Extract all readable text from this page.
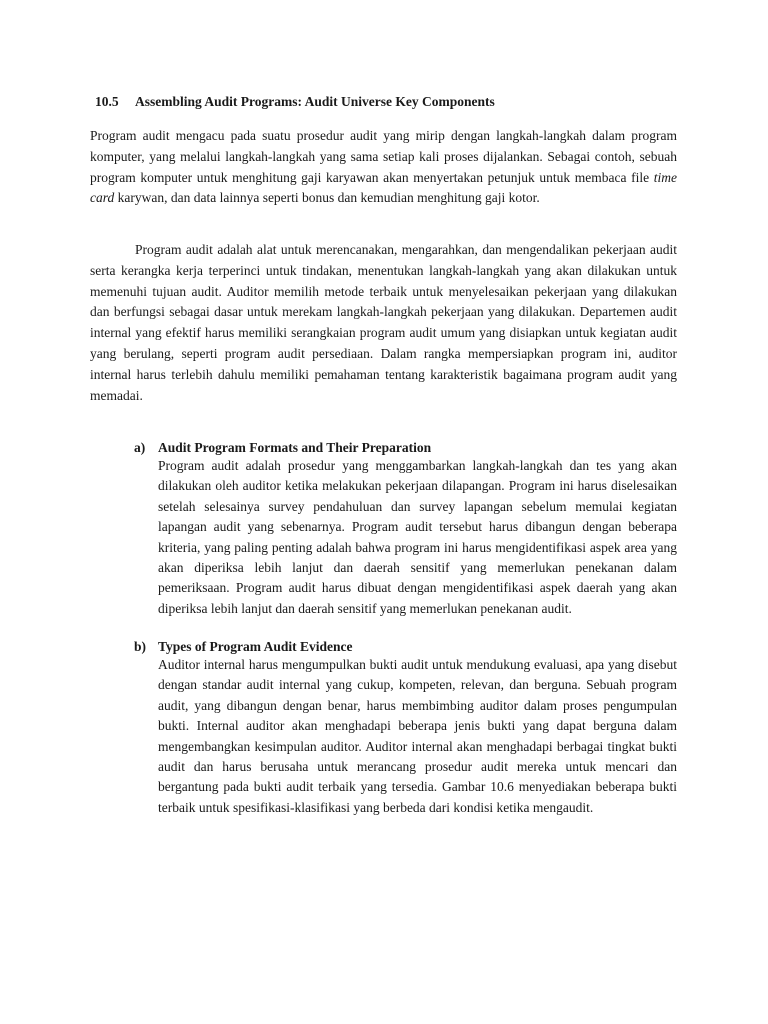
10.5 Assembling Audit Programs: Audit Universe Key Components

Program audit mengacu pada suatu prosedur audit yang mirip dengan langkah-langkah dalam program komputer, yang melalui langkah-langkah yang sama setiap kali proses dijalankan. Sebagai contoh, sebuah program komputer untuk menghitung gaji karyawan akan menyertakan petunjuk untuk membaca file time card karywan, dan data lainnya seperti bonus dan kemudian menghitung gaji kotor.

Program audit adalah alat untuk merencanakan, mengarahkan, dan mengendalikan pekerjaan audit serta kerangka kerja terperinci untuk tindakan, menentukan langkah-langkah yang akan dilakukan untuk memenuhi tujuan audit. Auditor memilih metode terbaik untuk menyelesaikan pekerjaan yang dilakukan dan berfungsi sebagai dasar untuk merekam langkah-langkah pekerjaan yang dilakukan. Departemen audit internal yang efektif harus memiliki serangkaian program audit umum yang disiapkan untuk kegiatan audit yang berulang, seperti program audit persediaan. Dalam rangka mempersiapkan program ini, auditor internal harus terlebih dahulu memiliki pemahaman tentang karakteristik bagaimana program audit yang memadai.

a) Audit Program Formats and Their Preparation

Program audit adalah prosedur yang menggambarkan langkah-langkah dan tes yang akan dilakukan oleh auditor ketika melakukan pekerjaan dilapangan. Program ini harus diselesaikan setelah selesainya survey pendahuluan dan survey lapangan sebelum memulai kegiatan lapangan audit yang sebenarnya. Program audit tersebut harus dibangun dengan beberapa kriteria, yang paling penting adalah bahwa program ini harus mengidentifikasi aspek area yang akan diperiksa lebih lanjut dan daerah sensitif yang memerlukan penekanan dalam pemeriksaan. Program audit harus dibuat dengan mengidentifikasi aspek daerah yang akan diperiksa lebih lanjut dan daerah sensitif yang memerlukan penekanan audit.

b) Types of Program Audit Evidence

Auditor internal harus mengumpulkan bukti audit untuk mendukung evaluasi, apa yang disebut dengan standar audit internal yang cukup, kompeten, relevan, dan berguna. Sebuah program audit, yang dibangun dengan benar, harus membimbing auditor dalam proses pengumpulan bukti. Internal auditor akan menghadapi beberapa jenis bukti yang dapat berguna dalam mengembangkan kesimpulan auditor. Auditor internal akan menghadapi berbagai tingkat bukti audit dan harus berusaha untuk merancang prosedur audit mereka untuk mencari dan bergantung pada bukti audit terbaik yang tersedia. Gambar 10.6 menyediakan beberapa bukti terbaik untuk spesifikasi-klasifikasi yang berbeda dari kondisi ketika mengaudit.
